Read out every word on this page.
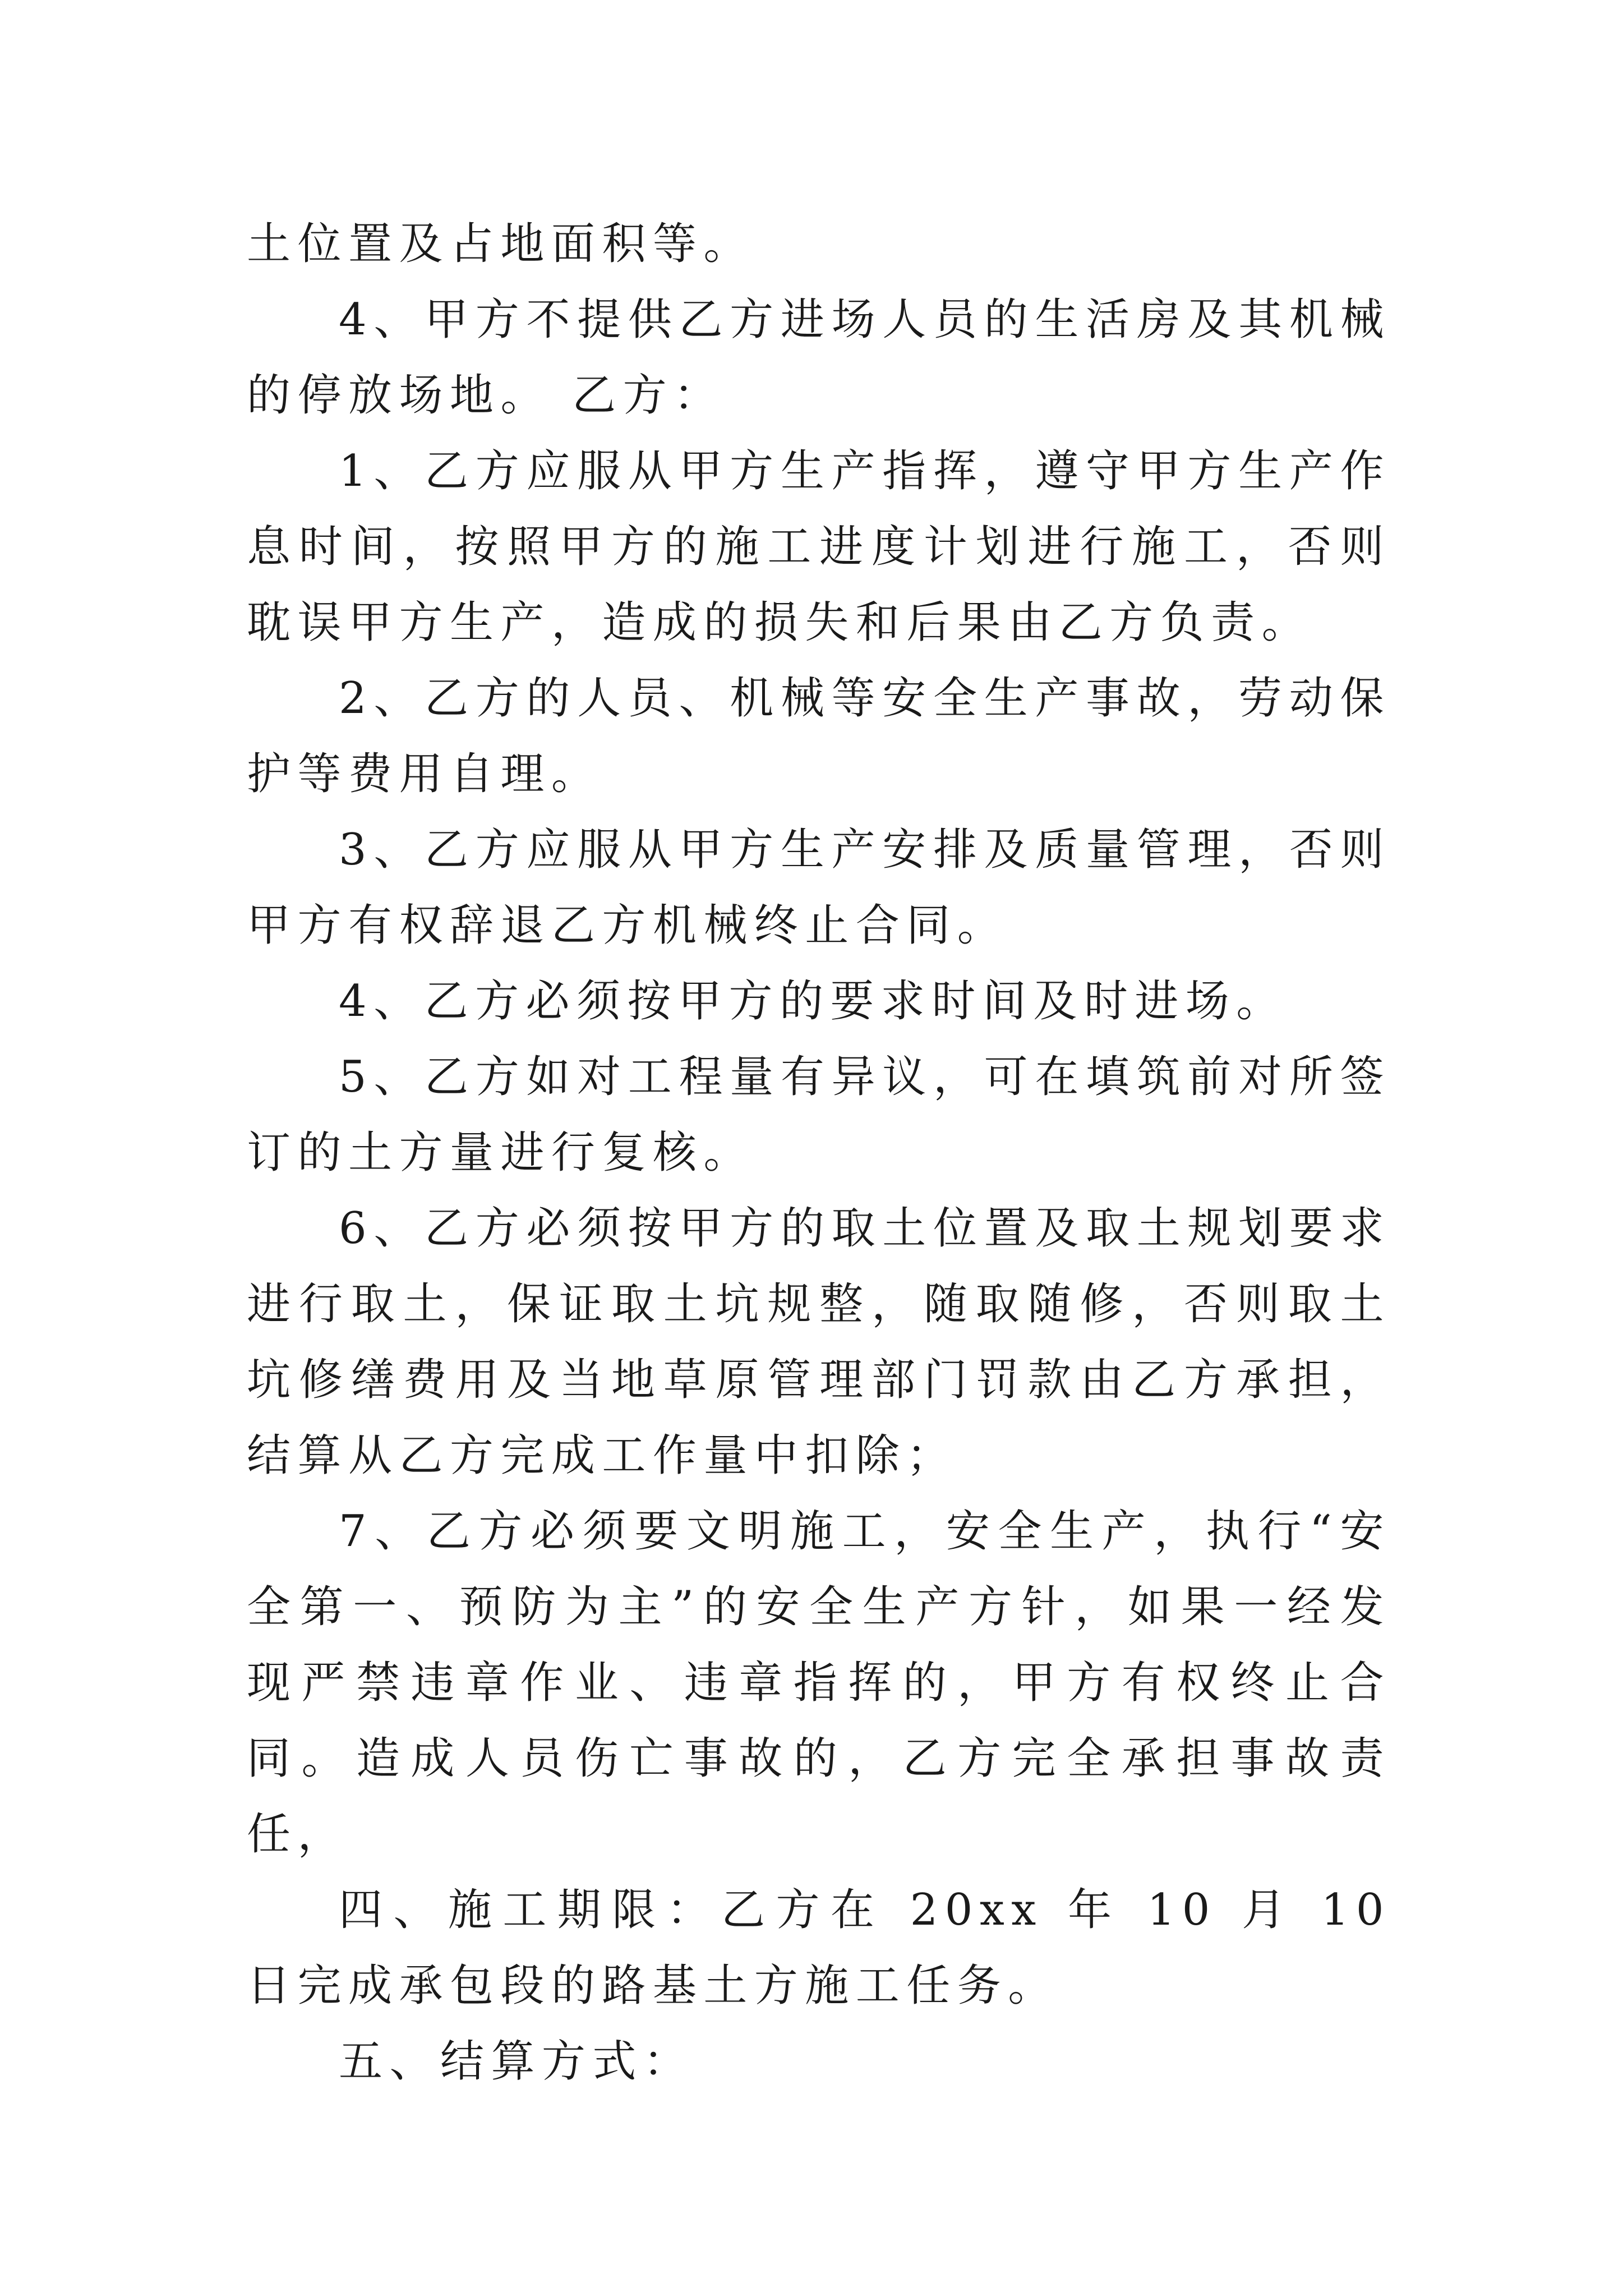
土位置及占地面积等。

4、甲方不提供乙方进场人员的生活房及其机械的停放场地。 乙方：

1、乙方应服从甲方生产指挥，遵守甲方生产作息时间，按照甲方的施工进度计划进行施工，否则耽误甲方生产，造成的损失和后果由乙方负责。

2、乙方的人员、机械等安全生产事故，劳动保护等费用自理。

3、乙方应服从甲方生产安排及质量管理，否则甲方有权辞退乙方机械终止合同。

4、乙方必须按甲方的要求时间及时进场。

5、乙方如对工程量有异议，可在填筑前对所签订的土方量进行复核。

6、乙方必须按甲方的取土位置及取土规划要求进行取土，保证取土坑规整，随取随修，否则取土坑修缮费用及当地草原管理部门罚款由乙方承担，结算从乙方完成工作量中扣除；

7、乙方必须要文明施工，安全生产，执行“安全第一、预防为主”的安全生产方针，如果一经发现严禁违章作业、违章指挥的，甲方有权终止合同。造成人员伤亡事故的，乙方完全承担事故责任，

四、施工期限：乙方在 20xx 年 10 月 10 日完成承包段的路基土方施工任务。

五、结算方式：
